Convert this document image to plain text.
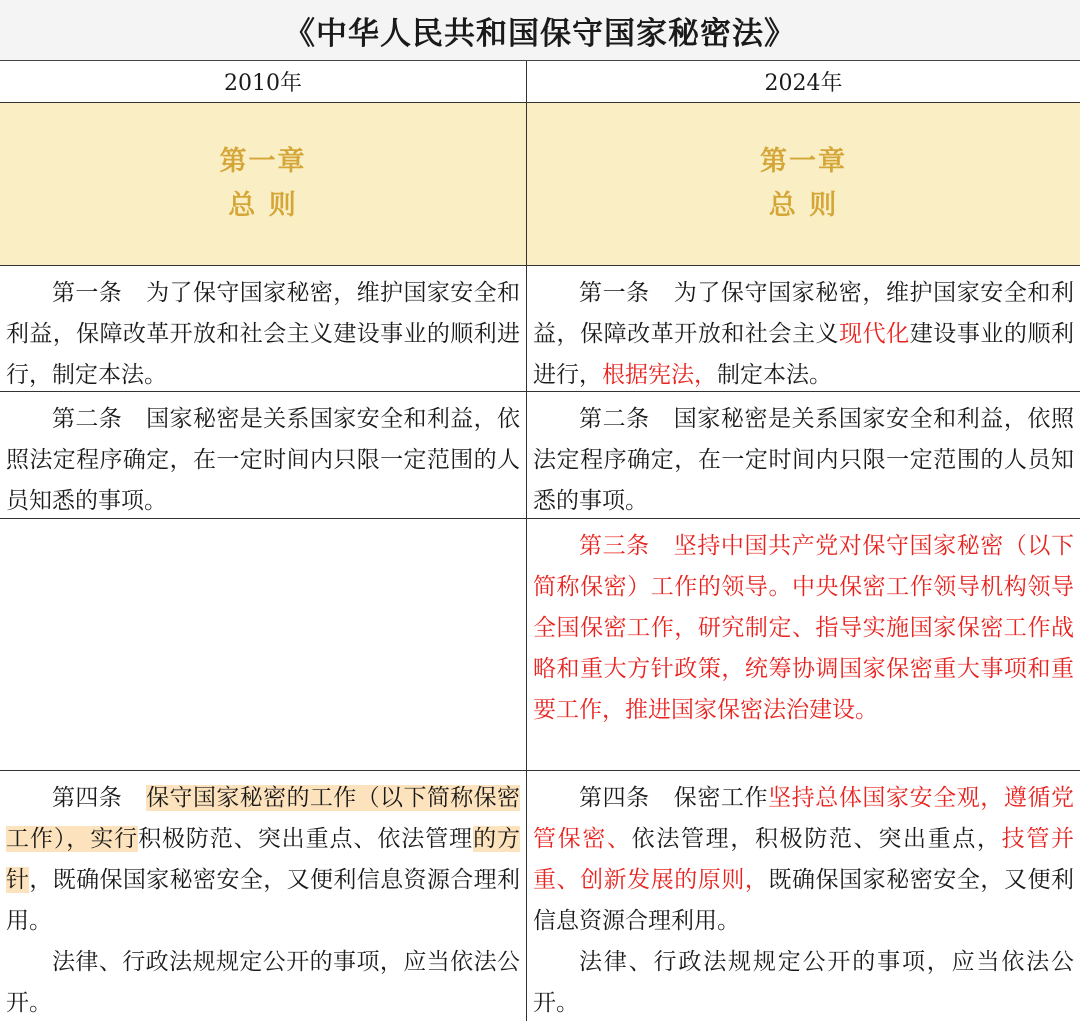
《中华人民共和国保守国家秘密法》
2010年	2024年
第一章
总 则
第一章
总 则

第一条 为了保守国家秘密，维护国家安全和利益，保障改革开放和社会主义建设事业的顺利进行，制定本法。

第一条 为了保守国家秘密，维护国家安全和利益，保障改革开放和社会主义现代化建设事业的顺利进行，根据宪法，制定本法。

第二条 国家秘密是关系国家安全和利益，依照法定程序确定，在一定时间内只限一定范围的人员知悉的事项。

第二条 国家秘密是关系国家安全和利益，依照法定程序确定，在一定时间内只限一定范围的人员知悉的事项。

第三条 坚持中国共产党对保守国家秘密（以下简称保密）工作的领导。中央保密工作领导机构领导全国保密工作，研究制定、指导实施国家保密工作战略和重大方针政策，统筹协调国家保密重大事项和重要工作，推进国家保密法治建设。

第四条 保守国家秘密的工作（以下简称保密工作），实行积极防范、突出重点、依法管理的方针，既确保国家秘密安全，又便利信息资源合理利用。

法律、行政法规规定公开的事项，应当依法公开。

第四条 保密工作坚持总体国家安全观，遵循党管保密、依法管理，积极防范、突出重点，技管并重、创新发展的原则，既确保国家秘密安全，又便利信息资源合理利用。

法律、行政法规规定公开的事项，应当依法公开。
